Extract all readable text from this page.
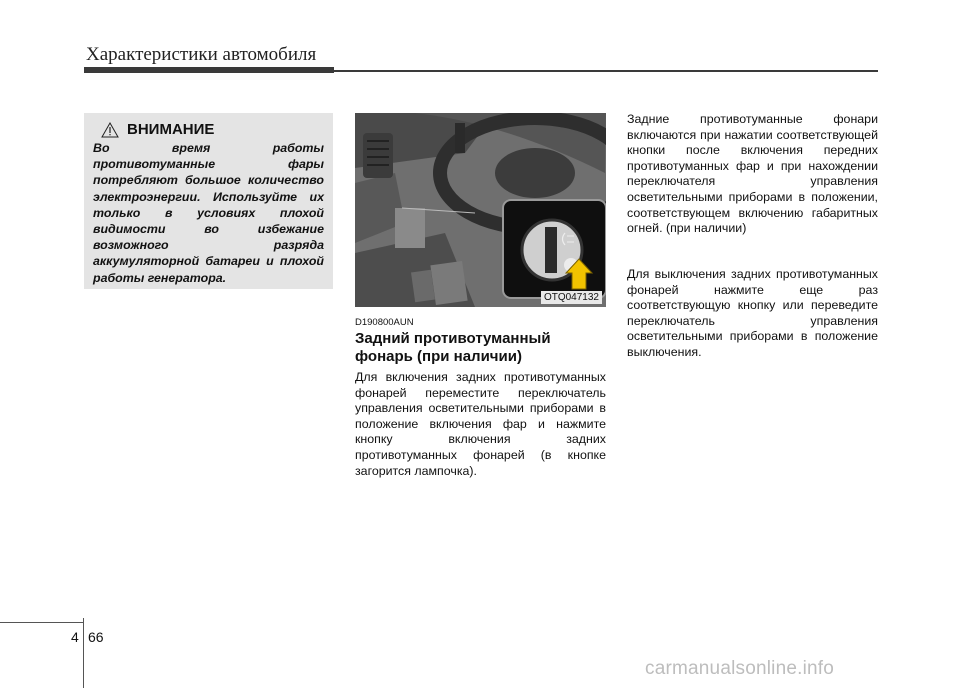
Характеристики автомобиля
ВНИМАНИЕ
Во время работы противотуманные фары потребляют большое количество электроэнергии. Используйте их только в условиях плохой видимости во избежание возможного разряда аккумуляторной батареи и плохой работы генератора.
OTQ047132
D190800AUN
Задний противотуманный фонарь (при наличии)
Для включения задних противотуманных фонарей переместите переключатель управления осветительными приборами в положение включения фар и нажмите кнопку включения задних противотуманных фонарей (в кнопке загорится лампочка).
Задние противотуманные фонари включаются при нажатии соответствующей кнопки после включения передних противотуманных фар и при нахождении переключателя управления осветительными приборами в положении, соответствующем включению габаритных огней. (при наличии)
Для выключения задних противотуманных фонарей нажмите еще раз соответствующую кнопку или переведите переключатель управления осветительными приборами в положение выключения.
4 66
carmanualsonline.info
